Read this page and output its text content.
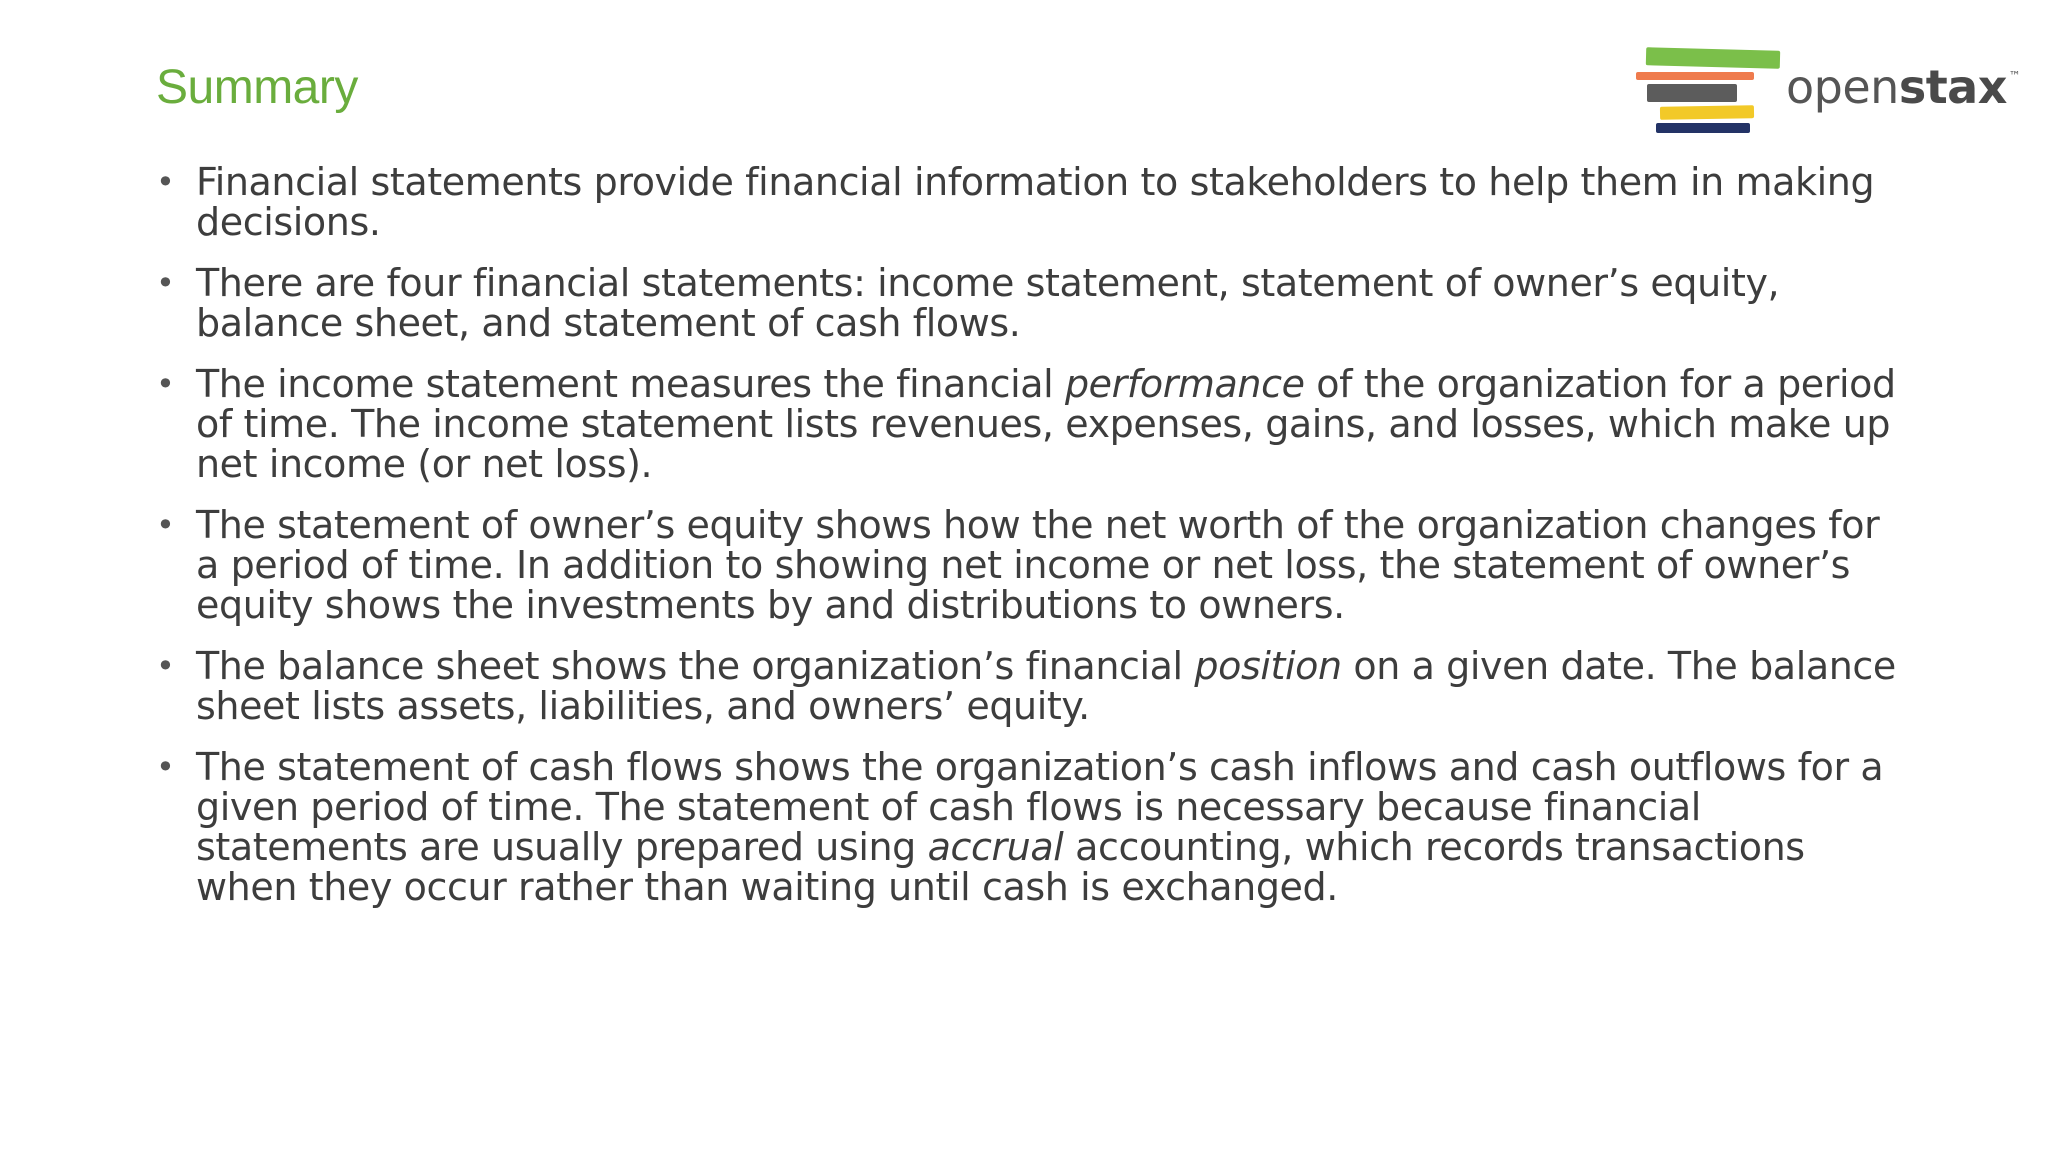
Summary	openstax ™
• Financial statements provide financial information to stakeholders to help them in making decisions.
• There are four financial statements: income statement, statement of owner’s equity, balance sheet, and statement of cash flows.
• The income statement measures the financial performance of the organization for a period of time. The income statement lists revenues, expenses, gains, and losses, which make up net income (or net loss).
• The statement of owner’s equity shows how the net worth of the organization changes for a period of time. In addition to showing net income or net loss, the statement of owner’s equity shows the investments by and distributions to owners.
• The balance sheet shows the organization’s financial position on a given date. The balance sheet lists assets, liabilities, and owners’ equity.
• The statement of cash flows shows the organization’s cash inflows and cash outflows for a given period of time. The statement of cash flows is necessary because financial statements are usually prepared using accrual accounting, which records transactions when they occur rather than waiting until cash is exchanged.
